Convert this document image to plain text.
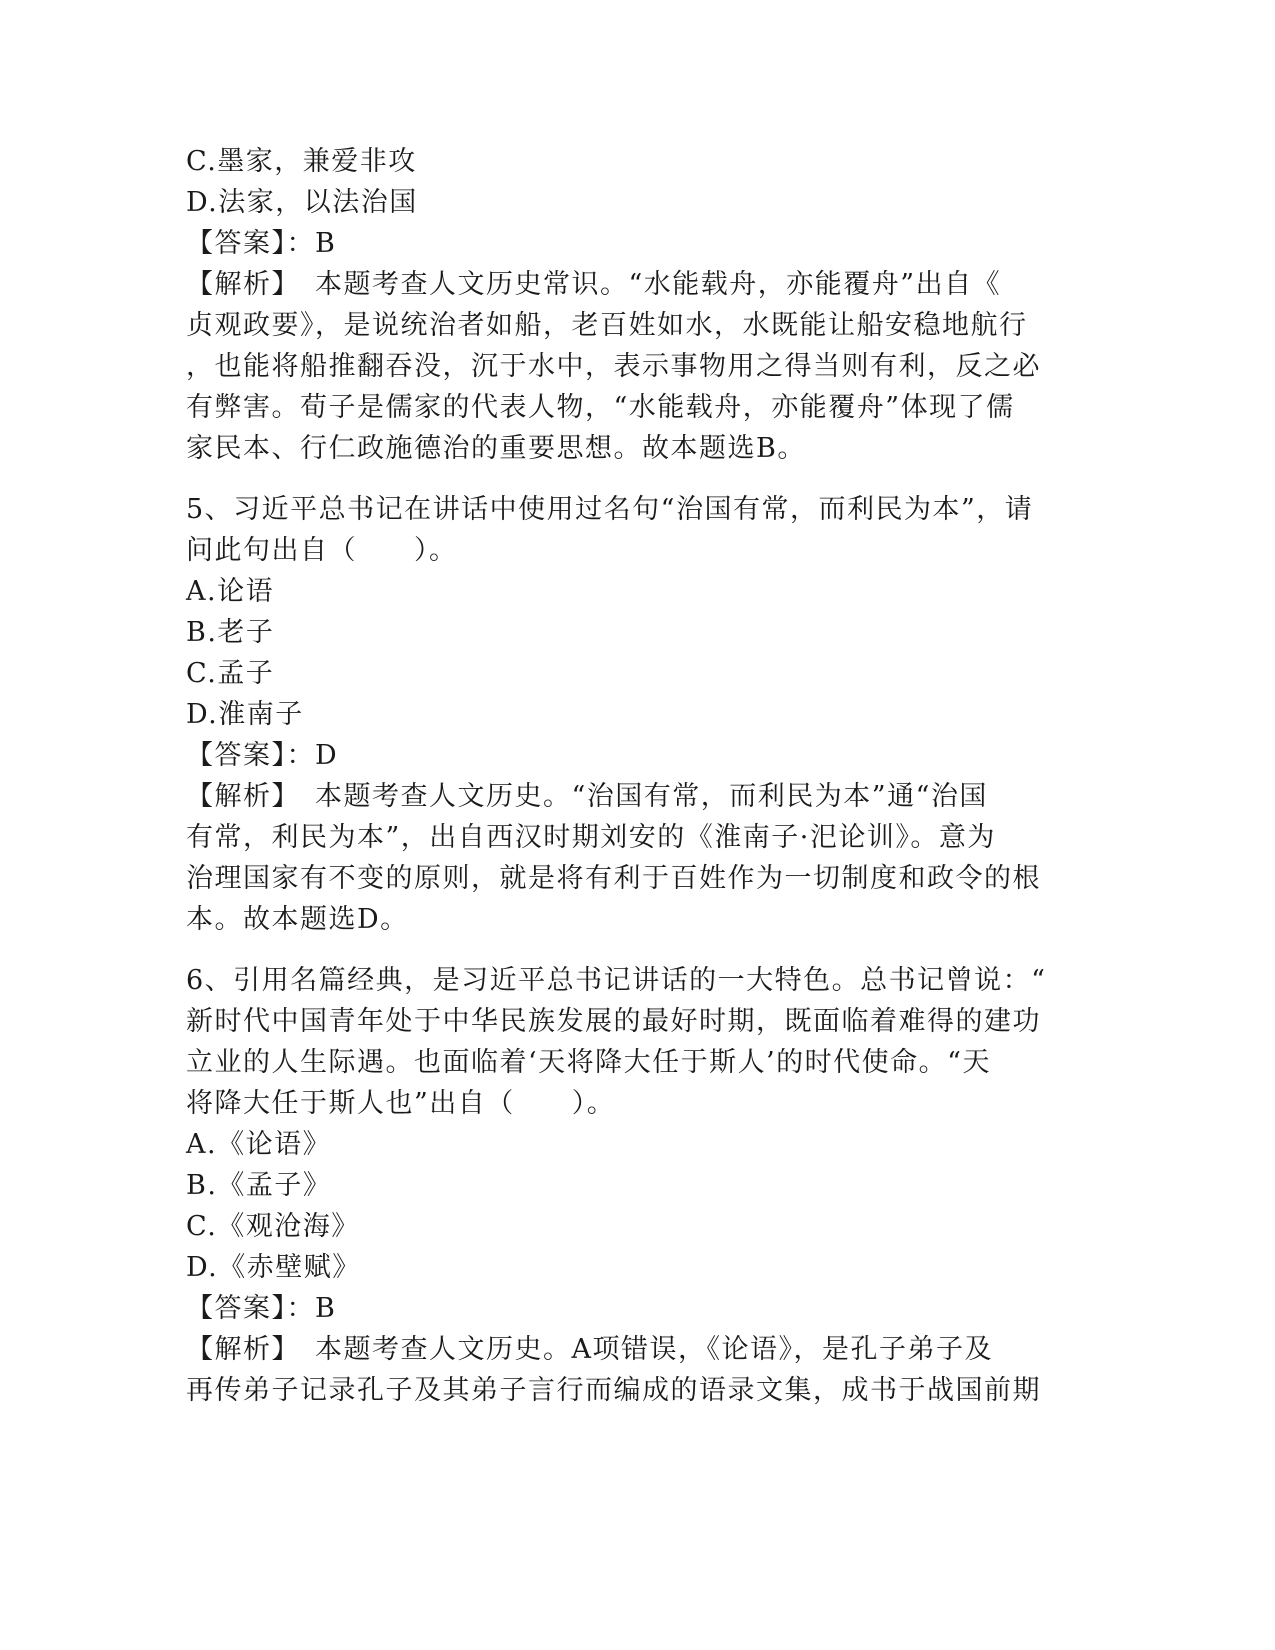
C.墨家，兼爱非攻
D.法家，以法治国
【答案】：B
【解析】　本题考查人文历史常识。“水能载舟，亦能覆舟”出自《
贞观政要》，是说统治者如船，老百姓如水，水既能让船安稳地航行
，也能将船推翻吞没，沉于水中，表示事物用之得当则有利，反之必
有弊害。荀子是儒家的代表人物，“水能载舟，亦能覆舟”体现了儒
家民本、行仁政施德治的重要思想。故本题选B。
5、习近平总书记在讲话中使用过名句“治国有常，而利民为本”，请
问此句出自（　　）。
A.论语
B.老子
C.孟子
D.淮南子
【答案】：D
【解析】　本题考查人文历史。“治国有常，而利民为本”通“治国
有常，利民为本”，出自西汉时期刘安的《淮南子·汜论训》。意为
治理国家有不变的原则，就是将有利于百姓作为一切制度和政令的根
本。故本题选D。
6、引用名篇经典，是习近平总书记讲话的一大特色。总书记曾说：“
新时代中国青年处于中华民族发展的最好时期，既面临着难得的建功
立业的人生际遇。也面临着‘天将降大任于斯人’的时代使命。“天
将降大任于斯人也”出自（　　）。
A.《论语》
B.《孟子》
C.《观沧海》
D.《赤壁赋》
【答案】：B
【解析】　本题考查人文历史。A项错误，《论语》，是孔子弟子及
再传弟子记录孔子及其弟子言行而编成的语录文集，成书于战国前期
